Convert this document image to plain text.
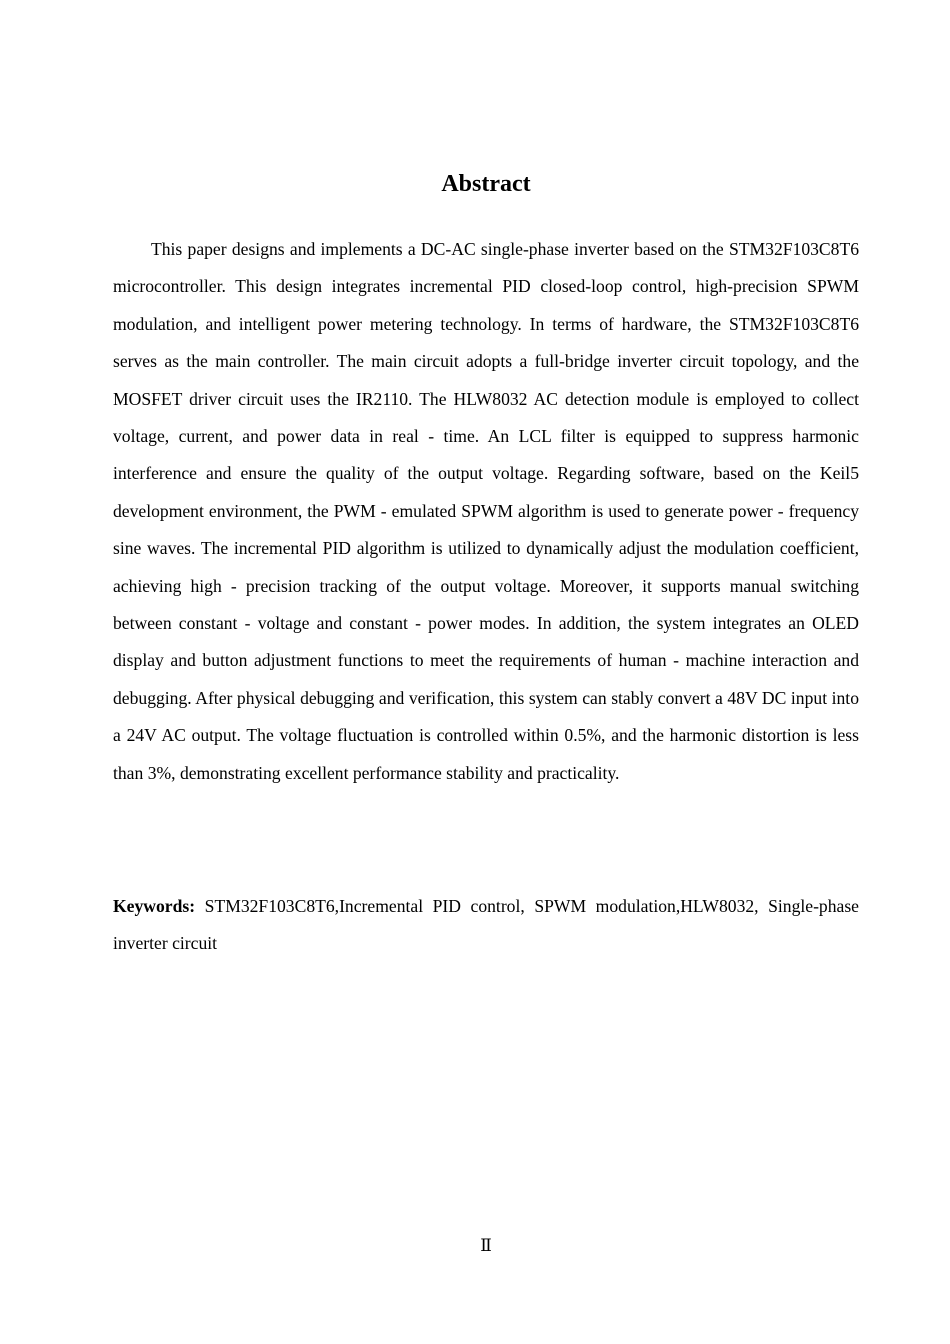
Abstract

This paper designs and implements a DC-AC single-phase inverter based on the STM32F103C8T6 microcontroller. This design integrates incremental PID closed-loop control, high-precision SPWM modulation, and intelligent power metering technology. In terms of hardware, the STM32F103C8T6 serves as the main controller. The main circuit adopts a full-bridge inverter circuit topology, and the MOSFET driver circuit uses the IR2110. The HLW8032 AC detection module is employed to collect voltage, current, and power data in real - time. An LCL filter is equipped to suppress harmonic interference and ensure the quality of the output voltage. Regarding software, based on the Keil5 development environment, the PWM - emulated SPWM algorithm is used to generate power - frequency sine waves. The incremental PID algorithm is utilized to dynamically adjust the modulation coefficient, achieving high - precision tracking of the output voltage. Moreover, it supports manual switching between constant - voltage and constant - power modes. In addition, the system integrates an OLED display and button adjustment functions to meet the requirements of human - machine interaction and debugging. After physical debugging and verification, this system can stably convert a 48V DC input into a 24V AC output. The voltage fluctuation is controlled within 0.5%, and the harmonic distortion is less than 3%, demonstrating excellent performance stability and practicality.

Keywords: STM32F103C8T6,Incremental PID control, SPWM modulation,HLW8032, Single-phase inverter circuit

Ⅱ
